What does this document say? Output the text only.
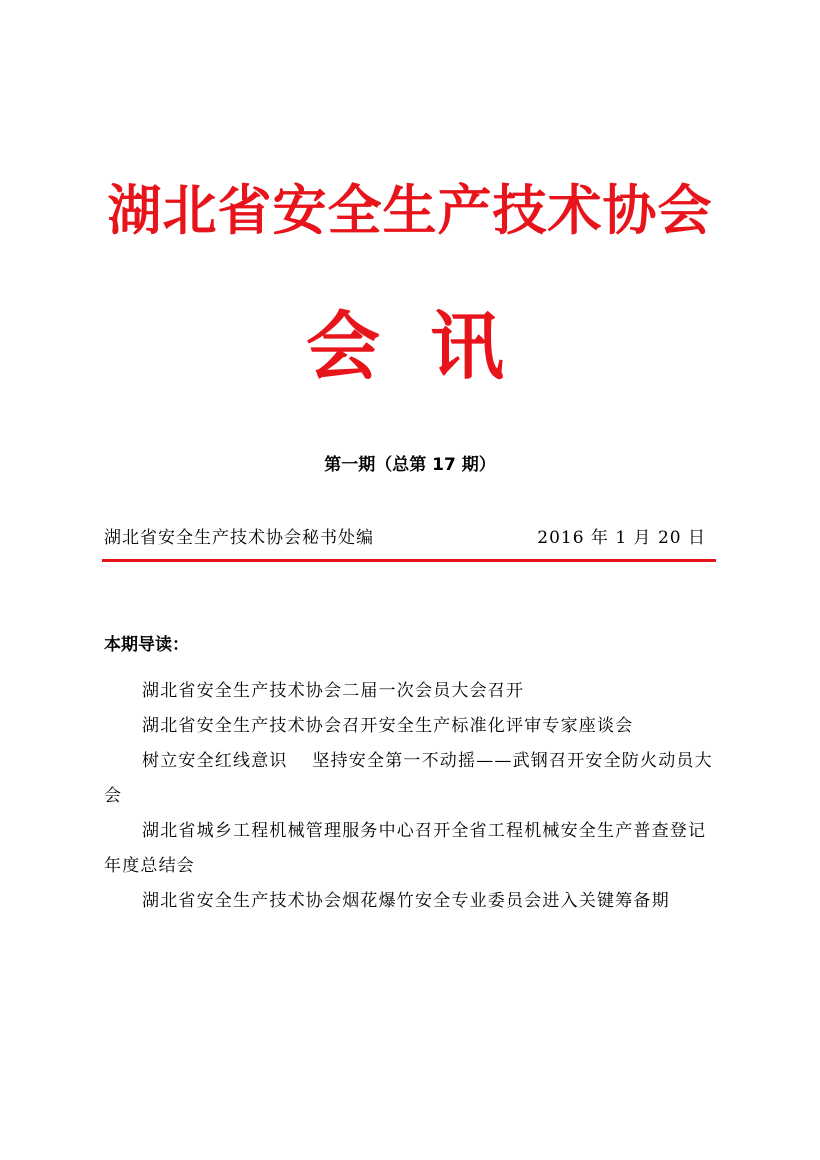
湖北省安全生产技术协会
会讯
第一期（总第 17 期）
湖北省安全生产技术协会秘书处编	2016 年 1 月 20 日
本期导读：
湖北省安全生产技术协会二届一次会员大会召开
湖北省安全生产技术协会召开安全生产标准化评审专家座谈会
树立安全红线意识　 坚持安全第一不动摇——武钢召开安全防火动员大会
湖北省城乡工程机械管理服务中心召开全省工程机械安全生产普查登记年度总结会
湖北省安全生产技术协会烟花爆竹安全专业委员会进入关键筹备期
